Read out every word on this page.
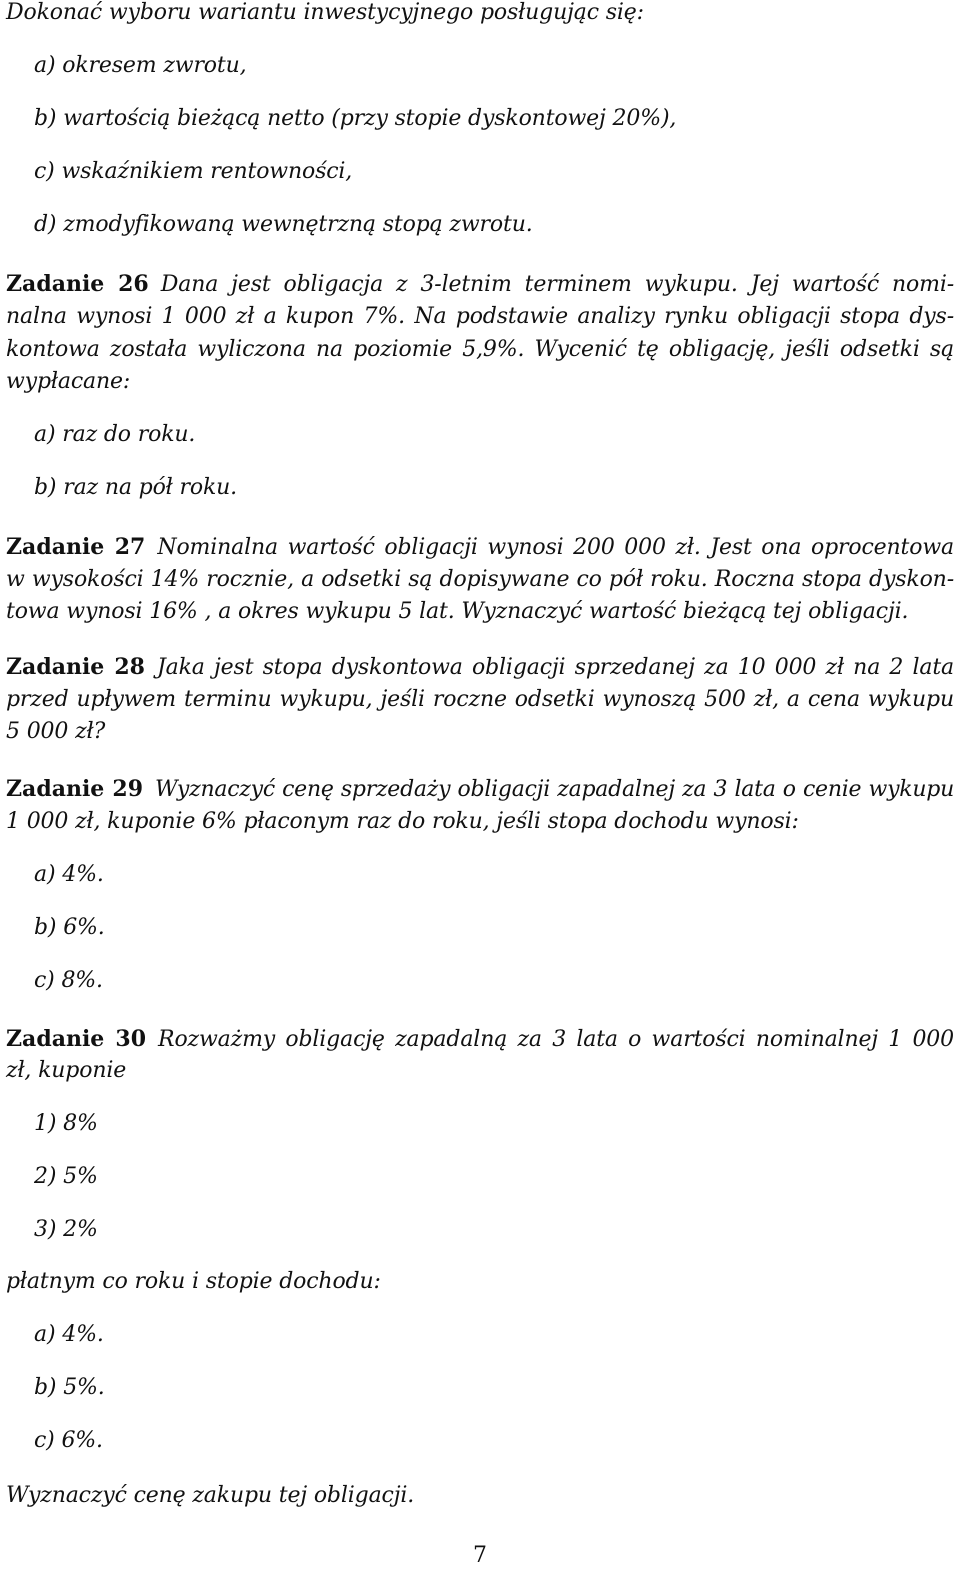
Dokonać wyboru wariantu inwestycyjnego posługując się:
a) okresem zwrotu,
b) wartością bieżącą netto (przy stopie dyskontowej 20%),
c) wskaźnikiem rentowności,
d) zmodyfikowaną wewnętrzną stopą zwrotu.
Zadanie 26 Dana jest obligacja z 3-letnim terminem wykupu. Jej wartość nomi-
nalna wynosi 1 000 zł a kupon 7%. Na podstawie analizy rynku obligacji stopa dys-
kontowa została wyliczona na poziomie 5,9%. Wycenić tę obligację, jeśli odsetki są
wypłacane:
a) raz do roku.
b) raz na pół roku.
Zadanie 27 Nominalna wartość obligacji wynosi 200 000 zł. Jest ona oprocentowa
w wysokości 14% rocznie, a odsetki są dopisywane co pół roku. Roczna stopa dyskon-
towa wynosi 16% , a okres wykupu 5 lat. Wyznaczyć wartość bieżącą tej obligacji.
Zadanie 28 Jaka jest stopa dyskontowa obligacji sprzedanej za 10 000 zł na 2 lata
przed upływem terminu wykupu, jeśli roczne odsetki wynoszą 500 zł, a cena wykupu
5 000 zł?
Zadanie 29 Wyznaczyć cenę sprzedaży obligacji zapadalnej za 3 lata o cenie wykupu
1 000 zł, kuponie 6% płaconym raz do roku, jeśli stopa dochodu wynosi:
a) 4%.
b) 6%.
c) 8%.
Zadanie 30 Rozważmy obligację zapadalną za 3 lata o wartości nominalnej 1 000
zł, kuponie
1) 8%
2) 5%
3) 2%
płatnym co roku i stopie dochodu:
a) 4%.
b) 5%.
c) 6%.
Wyznaczyć cenę zakupu tej obligacji.
7
